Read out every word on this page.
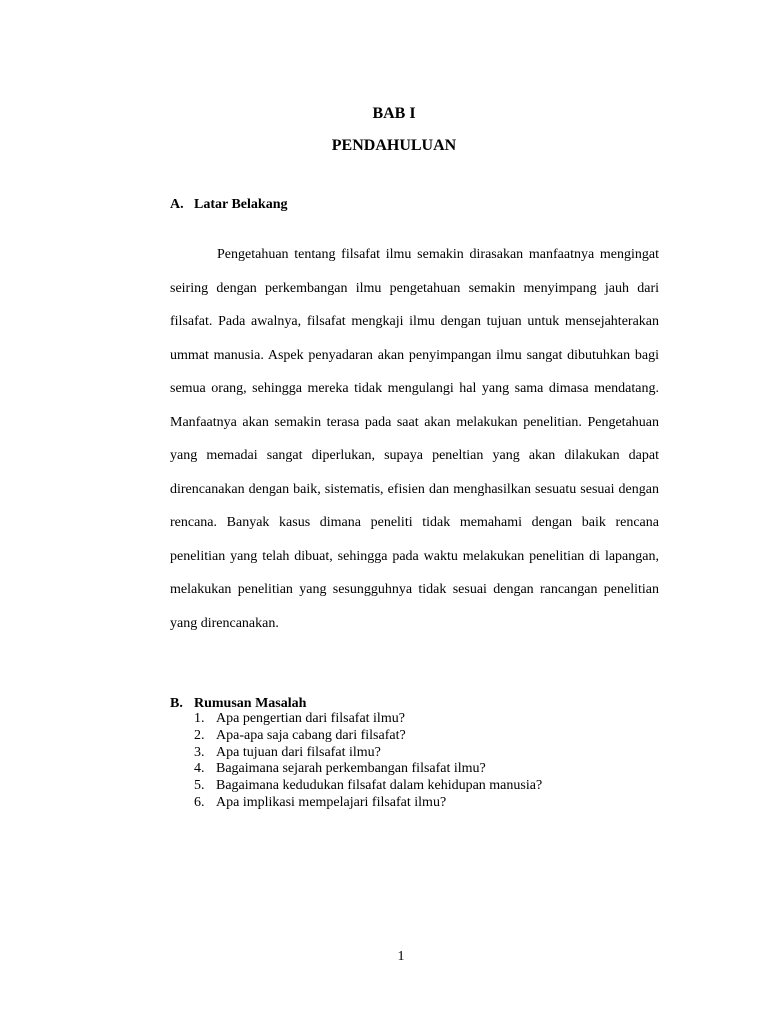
BAB I
PENDAHULUAN
A. Latar Belakang

Pengetahuan tentang filsafat ilmu semakin dirasakan manfaatnya mengingat seiring dengan perkembangan ilmu pengetahuan semakin menyimpang jauh dari filsafat. Pada awalnya, filsafat mengkaji ilmu dengan tujuan untuk mensejahterakan ummat manusia. Aspek penyadaran akan penyimpangan ilmu sangat dibutuhkan bagi semua orang, sehingga mereka tidak mengulangi hal yang sama dimasa mendatang. Manfaatnya akan semakin terasa pada saat akan melakukan penelitian. Pengetahuan yang memadai sangat diperlukan, supaya peneltian yang akan dilakukan dapat direncanakan dengan baik, sistematis, efisien dan menghasilkan sesuatu sesuai dengan rencana. Banyak kasus dimana peneliti tidak memahami dengan baik rencana penelitian yang telah dibuat, sehingga pada waktu melakukan penelitian di lapangan, melakukan penelitian yang sesungguhnya tidak sesuai dengan rancangan penelitian yang direncanakan.

B. Rumusan Masalah
1. Apa pengertian dari filsafat ilmu?
2. Apa-apa saja cabang dari filsafat?
3. Apa tujuan dari filsafat ilmu?
4. Bagaimana sejarah perkembangan filsafat ilmu?
5. Bagaimana kedudukan filsafat dalam kehidupan manusia?
6. Apa implikasi mempelajari filsafat ilmu?
1
